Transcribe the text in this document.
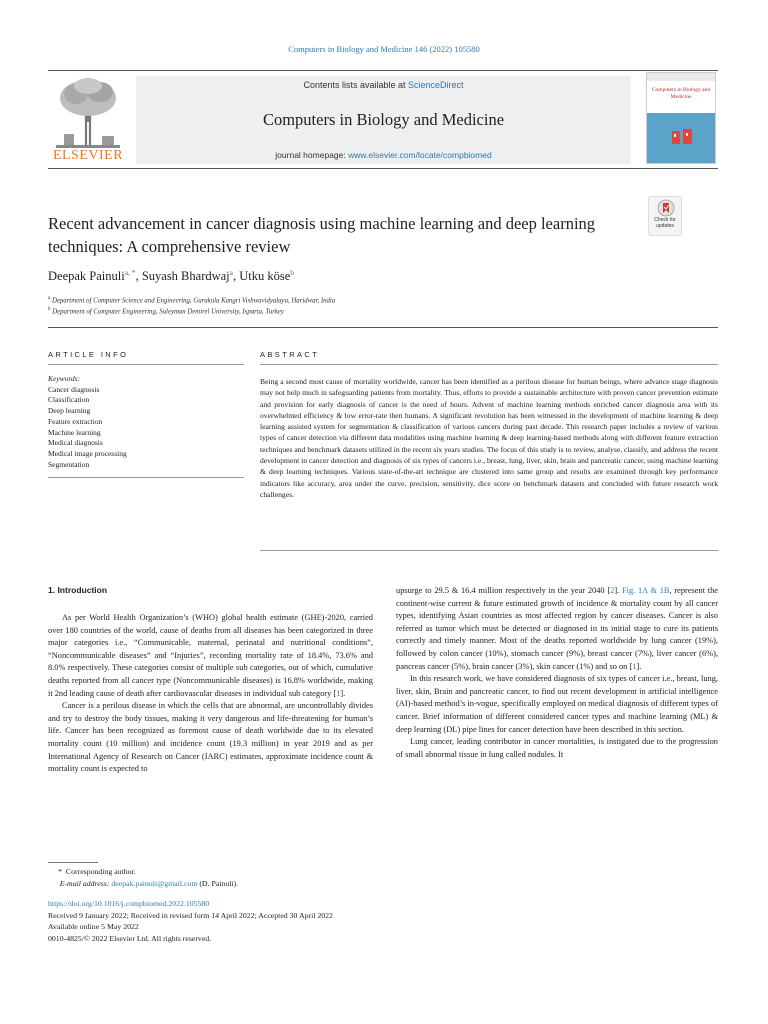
Computers in Biology and Medicine 146 (2022) 105580
ELSEVIER
Contents lists available at ScienceDirect
Computers in Biology and Medicine
journal homepage: www.elsevier.com/locate/compbiomed
Computers in Biology and Medicine
Recent advancement in cancer diagnosis using machine learning and deep learning techniques: A comprehensive review
Check for updates
Deepak Painuli$^{a, *}$, Suyash Bhardwaj$^a$, Utku köse$^b$
$^a$ Department of Computer Science and Engineering, Gurukula Kangri Vishwavidyalaya, Haridwar, India
$^b$ Department of Computer Engineering, Suleyman Demirel University, Isparta, Turkey
ARTICLE INFO	ABSTRACT
Keywords:
Cancer diagnosis
Classification
Deep learning
Feature extraction
Machine learning
Medical diagnosis
Medical image processing
Segmentation
Being a second most cause of mortality worldwide, cancer has been identified as a perilous disease for human beings, where advance stage diagnosis may not help much in safeguarding patients from mortality. Thus, efforts to provide a sustainable architecture with proven cancer prevention estimate and provision for early diagnosis of cancer is the need of hours. Advent of machine learning methods enriched cancer diagnosis area with its overwhelmed efficiency & low error-rate then humans. A significant revolution has been witnessed in the development of machine learning & deep learning assisted system for segmentation & classification of various cancers during past decade. This research paper includes a review of various types of cancer detection via different data modalities using machine learning & deep learning-based methods along with different feature extraction techniques and benchmark datasets utilized in the recent six years studies. The focus of this study is to review, analyse, classify, and address the recent development in cancer detection and diagnosis of six types of cancers i.e., breast, lung, liver, skin, brain and pancreatic cancer, using machine learning & deep learning techniques. Various state-of-the-art technique are clustered into same group and results are examined through key performance indicators like accuracy, area under the curve, precision, sensitivity, dice score on benchmark datasets and concluded with future research work challenges.
1. Introduction

As per World Health Organization’s (WHO) global health estimate (GHE)-2020, carried over 180 countries of the world, cause of deaths from all diseases has been categorized in three major categories i.e., “Communicable, maternal, perinatal and nutritional conditions”, “Noncommunicable diseases” and “Injuries”, recording mortality rate of 18.4%, 73.6% and 8.0% respectively. These categories consist of multiple sub categories, out of which, cumulative deaths reported from all cancer type (Noncommunicable diseases) is 16.8% worldwide, making it 2nd leading cause of death after cardiovascular diseases in individual sub category [1].

Cancer is a perilous disease in which the cells that are abnormal, are uncontrollably divides and try to destroy the body tissues, making it very dangerous and life-threatening for human’s life. Cancer has been recognized as foremost cause of death worldwide due to its elevated mortality count (10 million) and incidence count (19.3 million) in year 2019 and as per International Agency of Research on Cancer (IARC) estimates, approximate incidence count & mortality count is expected to

upsurge to 29.5 & 16.4 million respectively in the year 2040 [2]. Fig. 1A & 1B, represent the continent-wise current & future estimated growth of incidence & mortality count by all cancer types, identifying Asian countries as most affected region by cancer diseases. Cancer is also referred as tumor which must be detected or diagnosed in its initial stage to cure its patients correctly and timely manner. Most of the deaths reported worldwide by lung cancer (19%), followed by colon cancer (10%), stomach cancer (9%), breast cancer (7%), liver cancer (6%), pancreas cancer (5%), brain cancer (3%), skin cancer (1%) and so on [1].

In this research work, we have considered diagnosis of six types of cancer i.e., breast, lung, liver, skin, Brain and pancreatic cancer, to find out recent development in artificial intelligence (AI)-based method’s in-vogue, specifically employed on medical diagnosis of different types of cancer. Brief information of different considered cancer types and machine learning (ML) & deep learning (DL) pipe lines for cancer detection have been described in this section.

Lung cancer, leading contributor in cancer mortalities, is instigated due to the progression of small abnormal tissue in lung called nodules. It

* Corresponding author.
E-mail address: deepak.painuli@gmail.com (D. Painuli).
https://doi.org/10.1016/j.compbiomed.2022.105580
Received 9 January 2022; Received in revised form 14 April 2022; Accepted 30 April 2022
Available online 5 May 2022
0010-4825/© 2022 Elsevier Ltd. All rights reserved.
